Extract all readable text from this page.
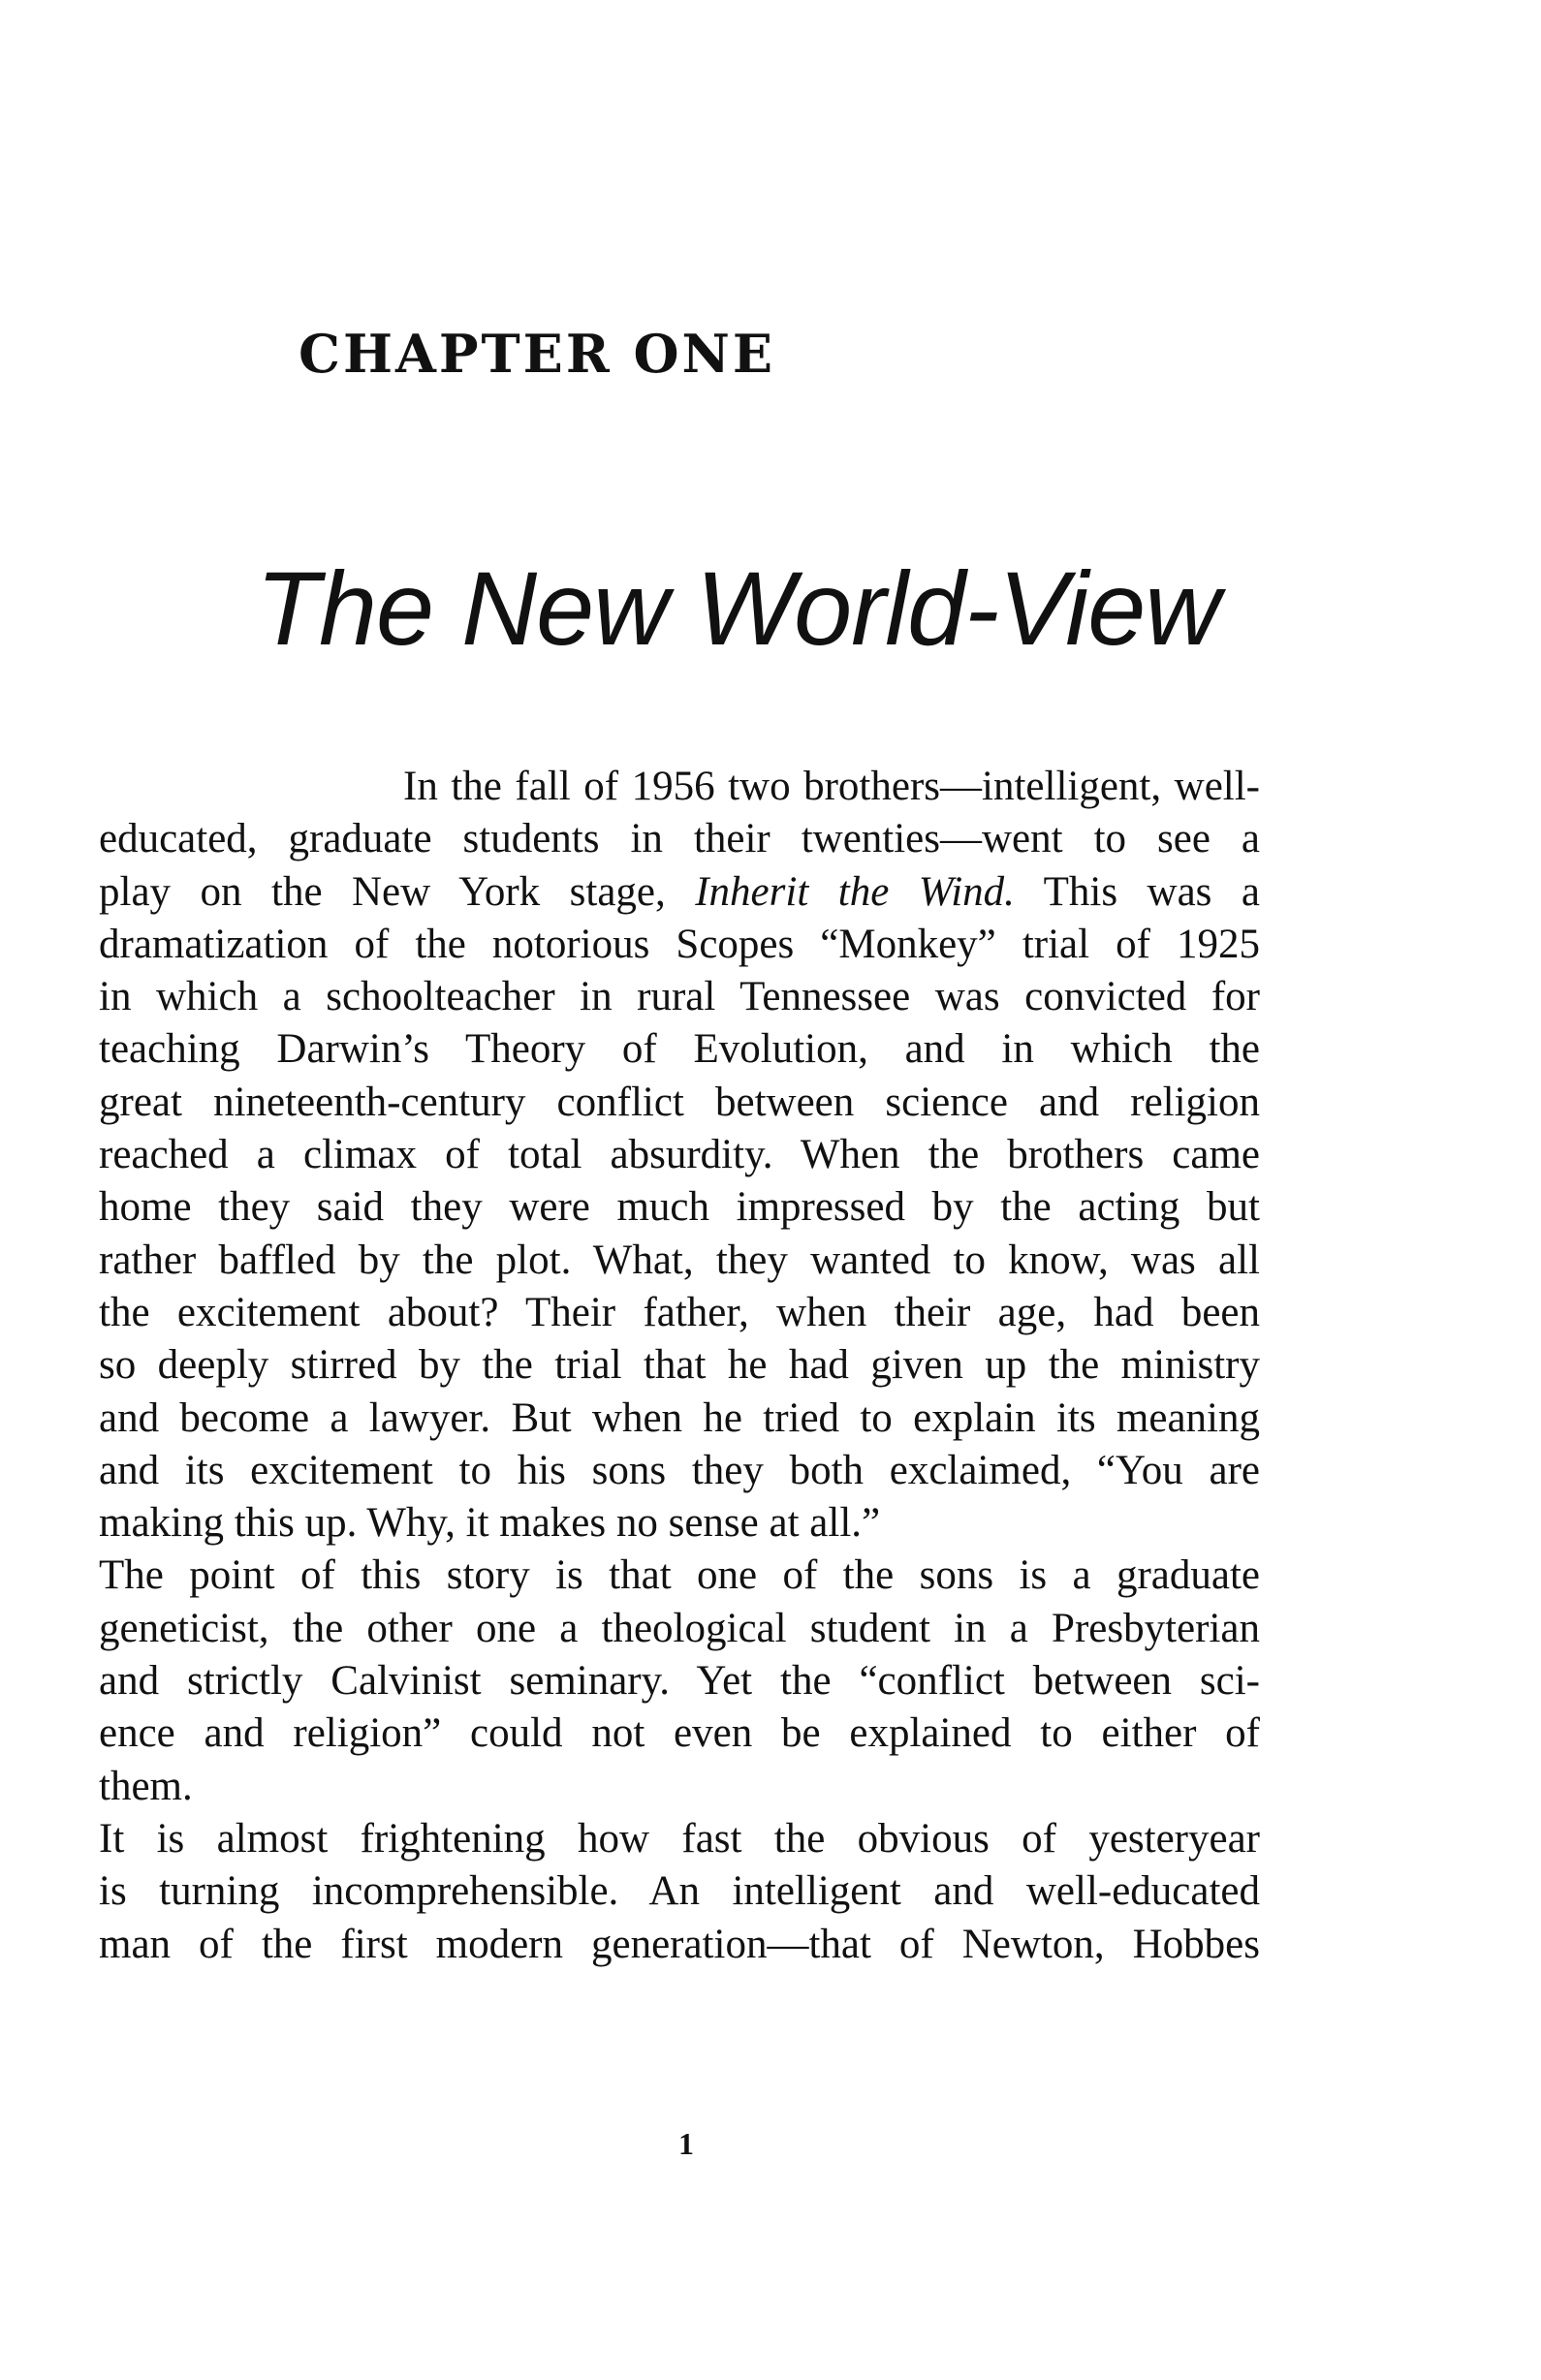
CHAPTER ONE
The New World-View
In the fall of 1956 two brothers—intelligent, well-
educated, graduate students in their twenties—went to see a
play on the New York stage, Inherit the Wind. This was a
dramatization of the notorious Scopes “Monkey” trial of 1925
in which a schoolteacher in rural Tennessee was convicted for
teaching Darwin’s Theory of Evolution, and in which the
great nineteenth-century conflict between science and religion
reached a climax of total absurdity. When the brothers came
home they said they were much impressed by the acting but
rather baffled by the plot. What, they wanted to know, was all
the excitement about? Their father, when their age, had been
so deeply stirred by the trial that he had given up the ministry
and become a lawyer. But when he tried to explain its meaning
and its excitement to his sons they both exclaimed, “You are
making this up. Why, it makes no sense at all.”
The point of this story is that one of the sons is a graduate
geneticist, the other one a theological student in a Presbyterian
and strictly Calvinist seminary. Yet the “conflict between sci-
ence and religion” could not even be explained to either of
them.
It is almost frightening how fast the obvious of yesteryear
is turning incomprehensible. An intelligent and well-educated
man of the first modern generation—that of Newton, Hobbes
1
